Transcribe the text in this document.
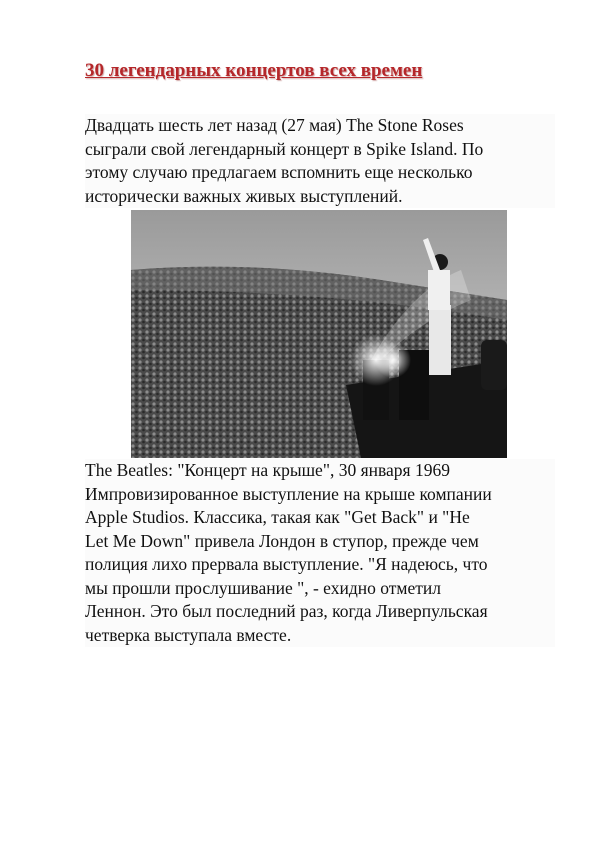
30 легендарных концертов всех времен
Двадцать шесть лет назад (27 мая) The Stone Roses
сыграли свой легендарный концерт в Spike Island. По
этому случаю предлагаем вспомнить еще несколько
исторически важных живых выступлений.
The Beatles: "Концерт на крыше", 30 января 1969
Импровизированное выступление на крыше компании
Apple Studios. Классика, такая как "Get Back" и "Не
Let Me Down" привела Лондон в ступор, прежде чем
полиция лихо прервала выступление. "Я надеюсь, что
мы прошли прослушивание ", - ехидно отметил
Леннон. Это был последний раз, когда Ливерпульская
четверка выступала вместе.
